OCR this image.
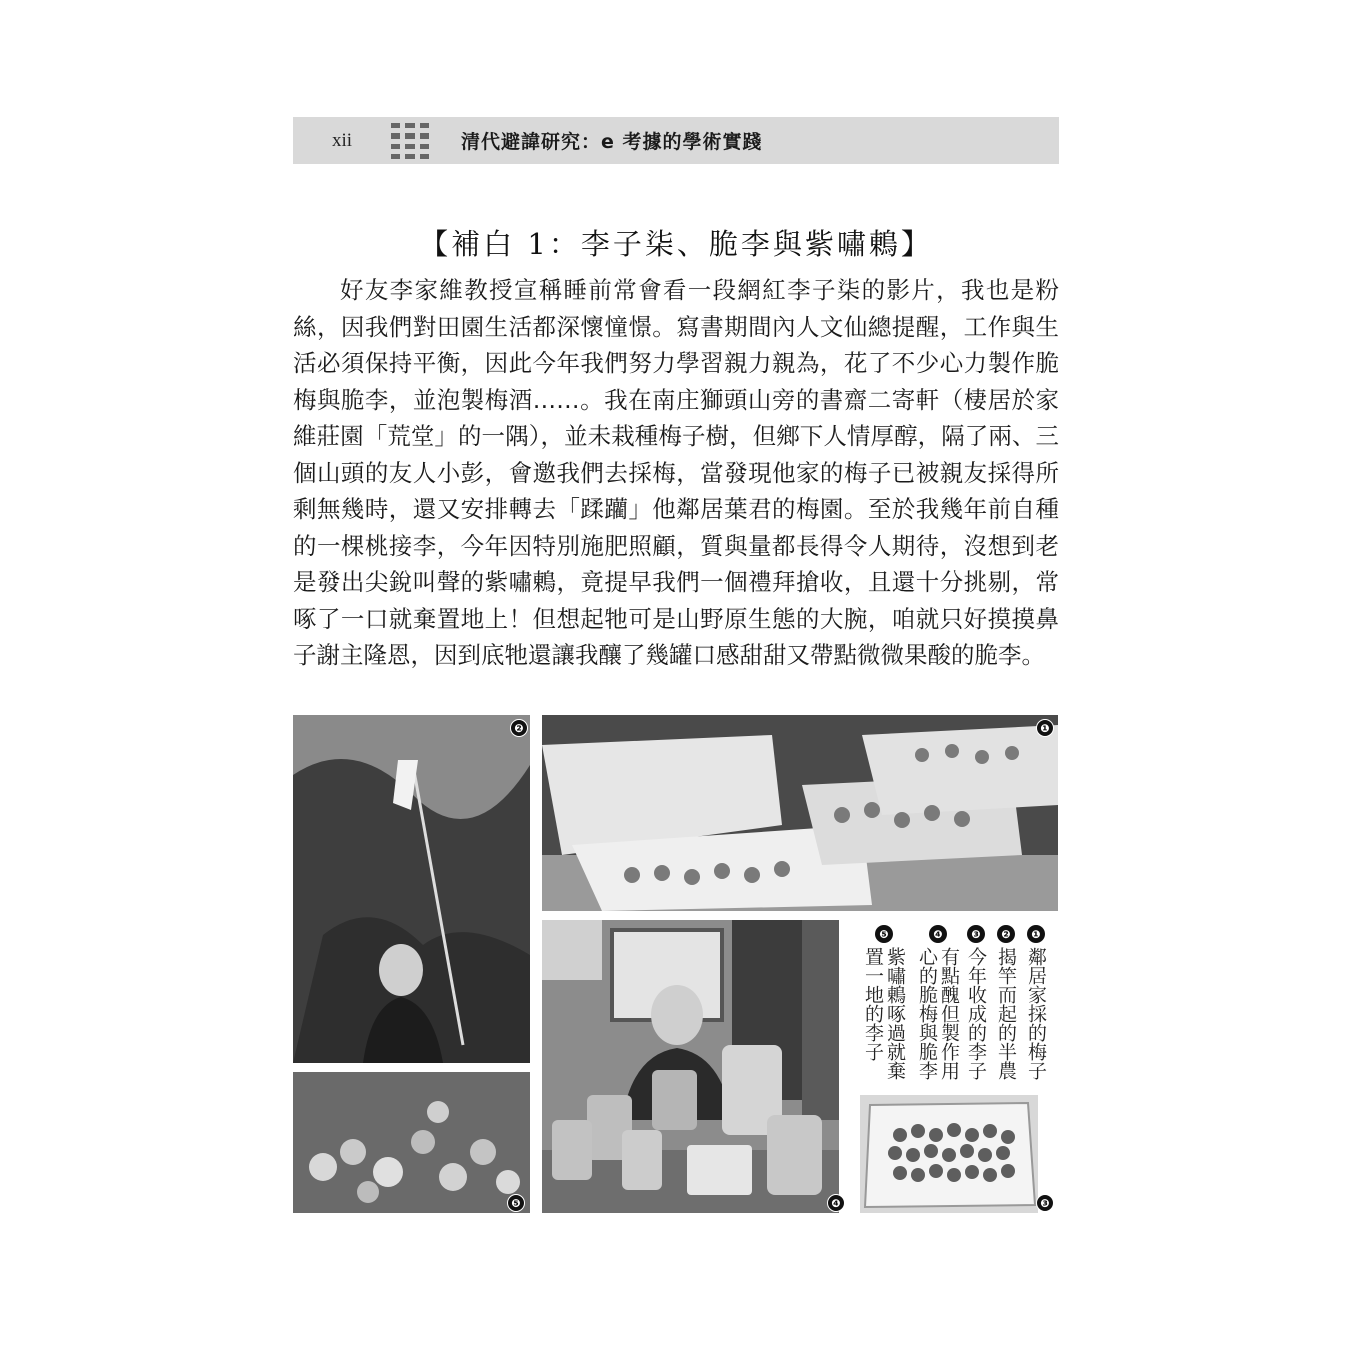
xii	清代避諱研究：e 考據的學術實踐
【補白 1：李子柒、脆李與紫嘯鶇】

好友李家維教授宣稱睡前常會看一段網紅李子柒的影片，我也是粉絲，因我們對田園生活都深懷憧憬。寫書期間內人文仙總提醒，工作與生活必須保持平衡，因此今年我們努力學習親力親為，花了不少心力製作脆梅與脆李，並泡製梅酒……。我在南庄獅頭山旁的書齋二寄軒（棲居於家維莊園「荒堂」的一隅），並未栽種梅子樹，但鄉下人情厚醇，隔了兩、三個山頭的友人小彭，會邀我們去採梅，當發現他家的梅子已被親友採得所剩無幾時，還又安排轉去「蹂躪」他鄰居葉君的梅園。至於我幾年前自種的一棵桃接李，今年因特別施肥照顧，質與量都長得令人期待，沒想到老是發出尖銳叫聲的紫嘯鶇，竟提早我們一個禮拜搶收，且還十分挑剔，常啄了一口就棄置地上！但想起牠可是山野原生態的大腕，咱就只好摸摸鼻子謝主隆恩，因到底牠還讓我釀了幾罐口感甜甜又帶點微微果酸的脆李。

❷
❺
❶
❹	❸
❶
鄰居家採的梅子
❷
揭竿而起的半農
❸
今年收成的李子
❹
有點醜但製作用心的脆梅與脆李
❺
紫嘯鶇啄過就棄置一地的李子
